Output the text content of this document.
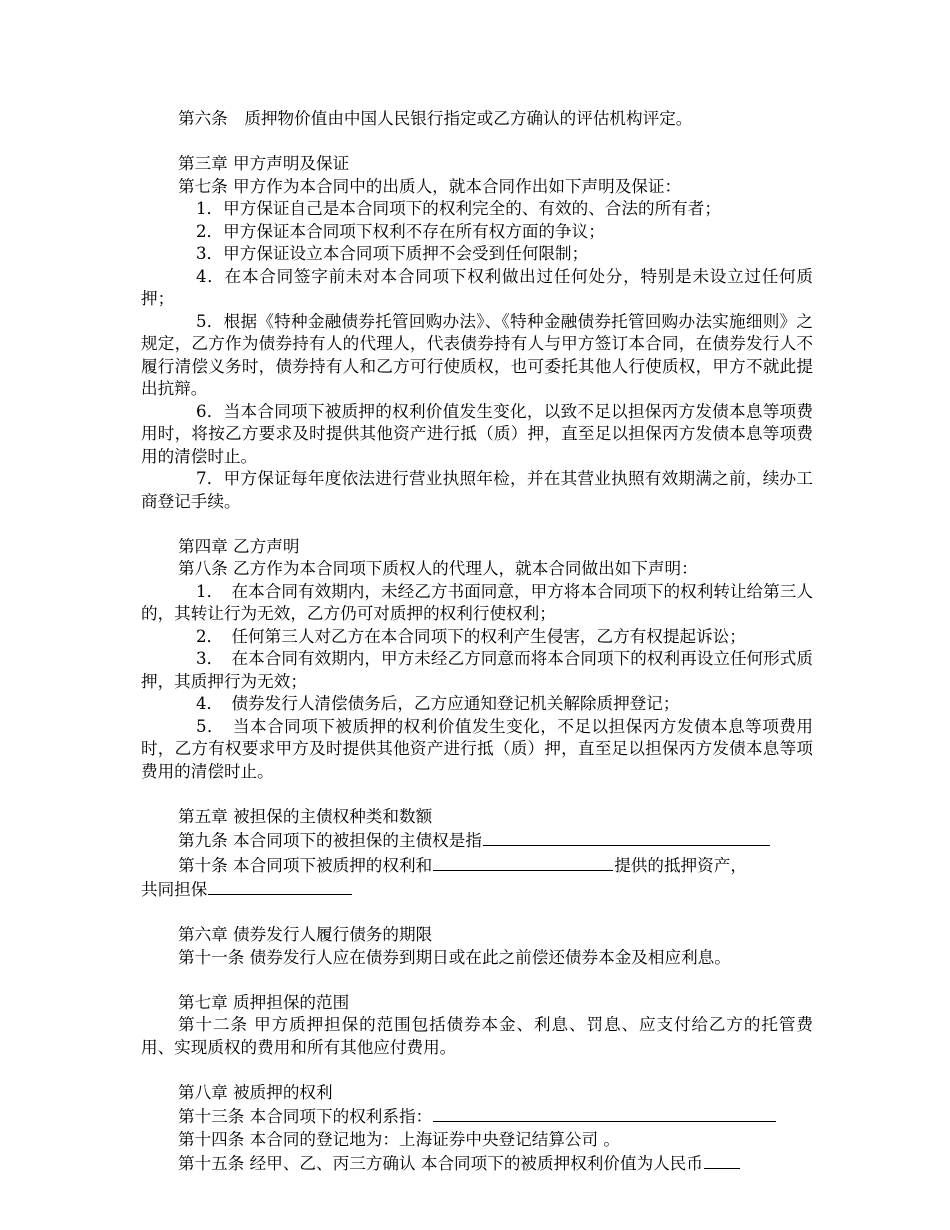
第六条　质押物价值由中国人民银行指定或乙方确认的评估机构评定。

第三章 甲方声明及保证

第七条 甲方作为本合同中的出质人，就本合同作出如下声明及保证：

1．甲方保证自己是本合同项下的权利完全的、有效的、合法的所有者；

2．甲方保证本合同项下权利不存在所有权方面的争议；

3．甲方保证设立本合同项下质押不会受到任何限制；

4．在本合同签字前未对本合同项下权利做出过任何处分，特别是未设立过任何质押；

5．根据《特种金融债券托管回购办法》、《特种金融债券托管回购办法实施细则》之规定，乙方作为债券持有人的代理人，代表债券持有人与甲方签订本合同，在债券发行人不履行清偿义务时，债券持有人和乙方可行使质权，也可委托其他人行使质权，甲方不就此提出抗辩。

6．当本合同项下被质押的权利价值发生变化，以致不足以担保丙方发债本息等项费用时，将按乙方要求及时提供其他资产进行抵（质）押，直至足以担保丙方发债本息等项费用的清偿时止。

7．甲方保证每年度依法进行营业执照年检，并在其营业执照有效期满之前，续办工商登记手续。

第四章 乙方声明

第八条 乙方作为本合同项下质权人的代理人，就本合同做出如下声明：

1．　在本合同有效期内，未经乙方书面同意，甲方将本合同项下的权利转让给第三人的，其转让行为无效，乙方仍可对质押的权利行使权利；

2．　任何第三人对乙方在本合同项下的权利产生侵害，乙方有权提起诉讼；

3．　在本合同有效期内，甲方未经乙方同意而将本合同项下的权利再设立任何形式质押，其质押行为无效；

4．　债券发行人清偿债务后，乙方应通知登记机关解除质押登记；

5．　当本合同项下被质押的权利价值发生变化，不足以担保丙方发债本息等项费用时，乙方有权要求甲方及时提供其他资产进行抵（质）押，直至足以担保丙方发债本息等项费用的清偿时止。

第五章 被担保的主债权种类和数额

第九条 本合同项下的被担保的主债权是指

第十条 本合同项下被质押的权利和	提供的抵押资产，
共同担保

第六章 债券发行人履行债务的期限

第十一条 债券发行人应在债券到期日或在此之前偿还债券本金及相应利息。

第七章 质押担保的范围

第十二条 甲方质押担保的范围包括债券本金、利息、罚息、应支付给乙方的托管费用、实现质权的费用和所有其他应付费用。

第八章 被质押的权利

第十三条 本合同项下的权利系指：

第十四条 本合同的登记地为：上海证券中央登记结算公司 。

第十五条 经甲、乙、丙三方确认 本合同项下的被质押权利价值为人民币
